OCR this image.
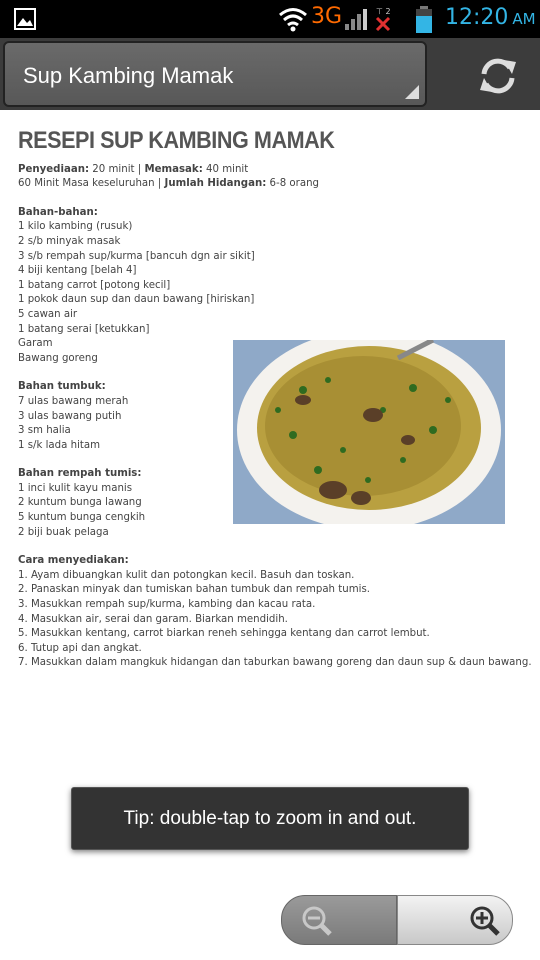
3G	⊤ 2 12:20 AM
Sup Kambing Mamak
RESEPI SUP KAMBING MAMAK
Penyediaan: 20 minit | Memasak: 40 minit
60 Minit Masa keseluruhan | Jumlah Hidangan: 6-8 orang
Bahan-bahan:
1 kilo kambing (rusuk)
2 s/b minyak masak
3 s/b rempah sup/kurma [bancuh dgn air sikit]
4 biji kentang [belah 4]
1 batang carrot [potong kecil]
1 pokok daun sup dan daun bawang [hiriskan]
5 cawan air
1 batang serai [ketukkan]
Garam
Bawang goreng
Bahan tumbuk:
7 ulas bawang merah
3 ulas bawang putih
3 sm halia
1 s/k lada hitam
Bahan rempah tumis:
1 inci kulit kayu manis
2 kuntum bunga lawang
5 kuntum bunga cengkih
2 biji buak pelaga
Cara menyediakan:
1. Ayam dibuangkan kulit dan potongkan kecil. Basuh dan toskan.
2. Panaskan minyak dan tumiskan bahan tumbuk dan rempah tumis.
3. Masukkan rempah sup/kurma, kambing dan kacau rata.
4. Masukkan air, serai dan garam. Biarkan mendidih.
5. Masukkan kentang, carrot biarkan reneh sehingga kentang dan carrot lembut.
6. Tutup api dan angkat.
7. Masukkan dalam mangkuk hidangan dan taburkan bawang goreng dan daun sup & daun bawang.
Tip: double-tap to zoom in and out.
